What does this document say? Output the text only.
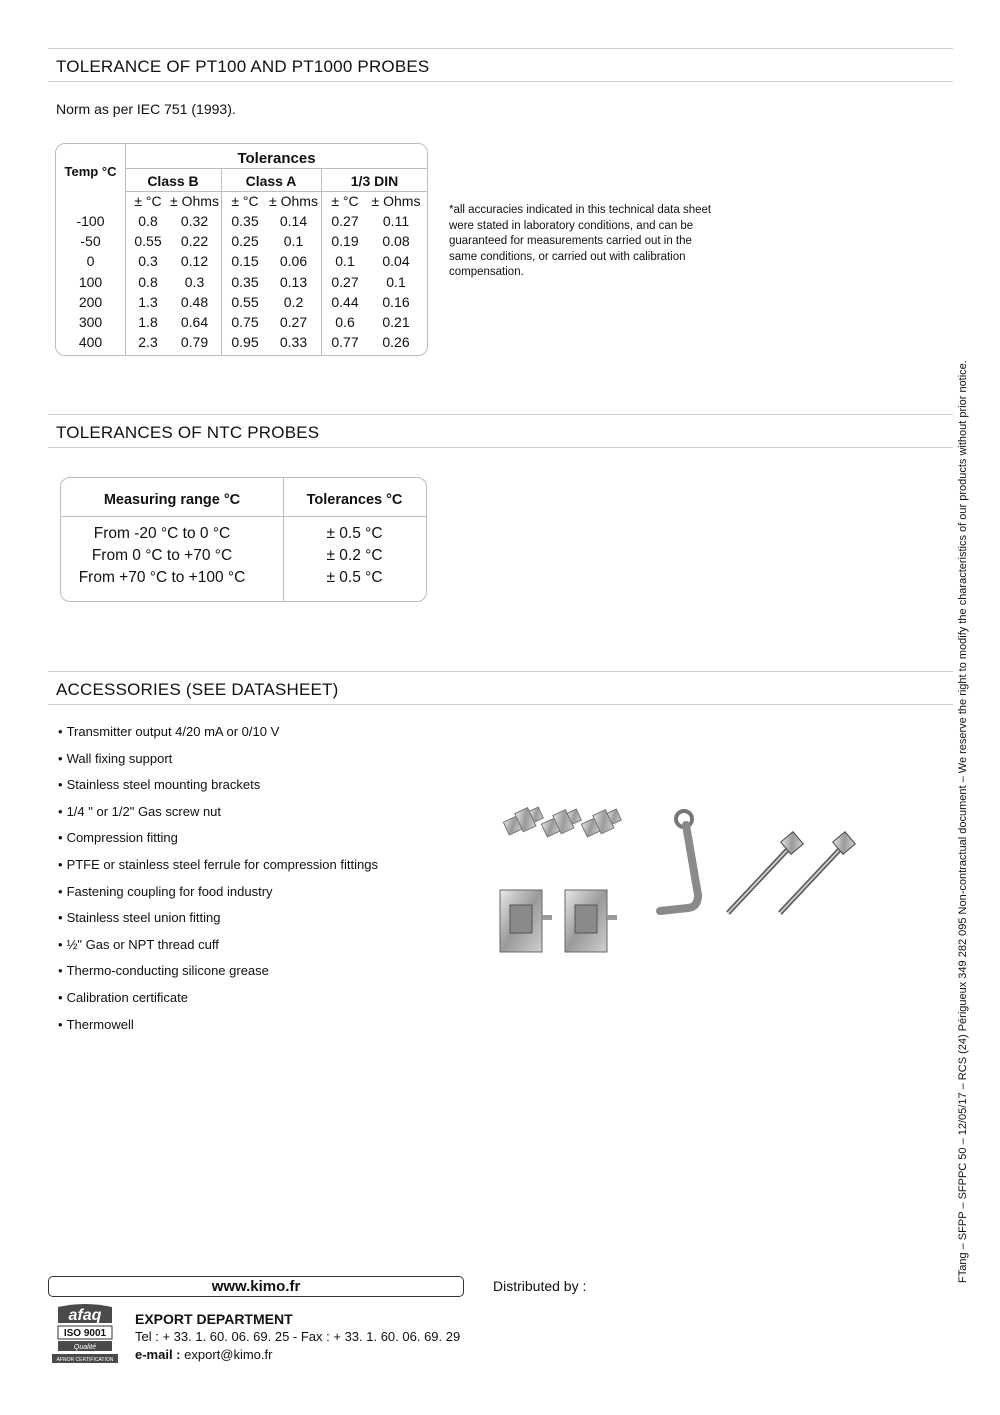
TOLERANCE OF PT100 AND PT1000 PROBES
Norm as per IEC 751 (1993).
Temp °C
Tolerances
Class B	Class A	1/3 DIN
± °C ± Ohms ± °C ± Ohms ± °C ± Ohms
-100	0.8	0.32	0.35	0.14	0.27	0.11
-50	0.55	0.22	0.25	0.1	0.19	0.08
0	0.3	0.12	0.15	0.06	0.1	0.04
100	0.8	0.3	0.35	0.13	0.27	0.1
200	1.3	0.48	0.55	0.2	0.44	0.16
300	1.8	0.64	0.75	0.27	0.6	0.21
400	2.3	0.79	0.95	0.33	0.77	0.26
*all accuracies indicated in this technical data sheet
were stated in laboratory conditions, and can be
guaranteed for measurements carried out in the
same conditions, or carried out with calibration
compensation.
TOLERANCES OF NTC PROBES
Measuring range °C	Tolerances °C
From -20 °C to 0 °C	± 0.5 °C
From 0 °C to +70 °C	± 0.2 °C
From +70 °C to +100 °C	± 0.5 °C
ACCESSORIES (SEE DATASHEET)
• Transmitter output 4/20 mA or 0/10 V
• Wall fixing support
• Stainless steel mounting brackets
• 1/4 " or 1/2" Gas screw nut
• Compression fitting
• PTFE or stainless steel ferrule for compression fittings
• Fastening coupling for food industry
• Stainless steel union fitting
• ½" Gas or NPT thread cuff
• Thermo-conducting silicone grease
• Calibration certificate
• Thermowell	FTang – SFPP – SFPPC 50 – 12/05/17 – RCS (24) Périgueux 349 282 095 Non-contractual document – We reserve the right to modify the characteristics of our products without prior notice.
www.kimo.fr	Distributed by :
afaq
ISO 9001
Qualité
AFNOR CERTIFICATION
EXPORT DEPARTMENT
Tel : + 33. 1. 60. 06. 69. 25 - Fax : + 33. 1. 60. 06. 69. 29
e-mail : export@kimo.fr
